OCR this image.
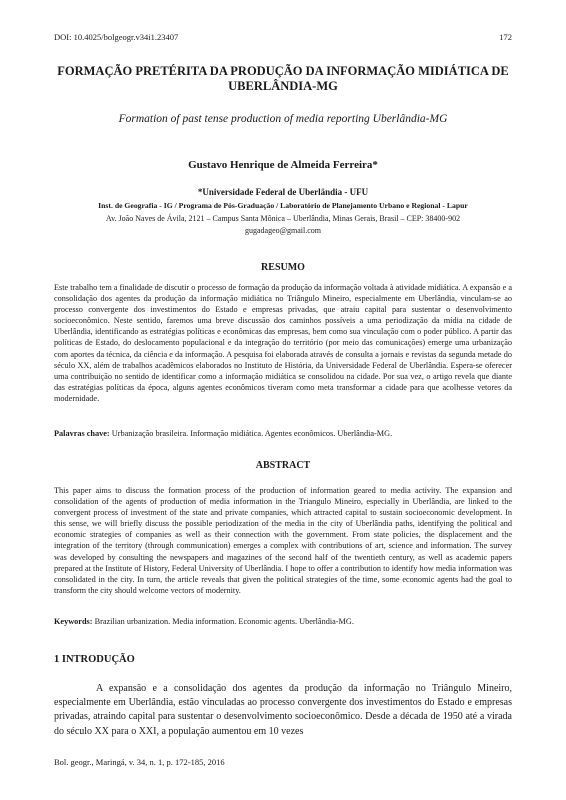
DOI: 10.4025/bolgeogr.v34i1.23407	172
FORMAÇÃO PRETÉRITA DA PRODUÇÃO DA INFORMAÇÃO MIDIÁTICA DE UBERLÂNDIA-MG
Formation of past tense production of media reporting Uberlândia-MG
Gustavo Henrique de Almeida Ferreira*
*Universidade Federal de Uberlândia - UFU
Inst. de Geografia - IG / Programa de Pós-Graduação / Laboratório de Planejamento Urbano e Regional - Lapur
Av. João Naves de Ávila, 2121 – Campus Santa Mônica – Uberlândia, Minas Gerais, Brasil – CEP: 38400-902
gugadageo@gmail.com
RESUMO
Este trabalho tem a finalidade de discutir o processo de formação da produção da informação voltada à atividade midiática. A expansão e a consolidação dos agentes da produção da informação midiática no Triângulo Mineiro, especialmente em Uberlândia, vinculam-se ao processo convergente dos investimentos do Estado e empresas privadas, que atraiu capital para sustentar o desenvolvimento socioeconômico. Neste sentido, faremos uma breve discussão dos caminhos possíveis a uma periodização da mídia na cidade de Uberlândia, identificando as estratégias políticas e econômicas das empresas, bem como sua vinculação com o poder público. A partir das políticas de Estado, do deslocamento populacional e da integração do território (por meio das comunicações) emerge uma urbanização com aportes da técnica, da ciência e da informação. A pesquisa foi elaborada através de consulta a jornais e revistas da segunda metade do século XX, além de trabalhos acadêmicos elaborados no Instituto de História, da Universidade Federal de Uberlândia. Espera-se oferecer uma contribuição no sentido de identificar como a informação midiática se consolidou na cidade. Por sua vez, o artigo revela que diante das estratégias políticas da época, alguns agentes econômicos tiveram como meta transformar a cidade para que acolhesse vetores da modernidade.
Palavras chave: Urbanização brasileira. Informação midiática. Agentes econômicos. Uberlândia-MG.
ABSTRACT
This paper aims to discuss the formation process of the production of information geared to media activity. The expansion and consolidation of the agents of production of media information in the Triangulo Mineiro, especially in Uberlândia, are linked to the convergent process of investment of the state and private companies, which attracted capital to sustain socioeconomic development. In this sense, we will briefly discuss the possible periodization of the media in the city of Uberlândia paths, identifying the political and economic strategies of companies as well as their connection with the government. From state policies, the displacement and the integration of the territory (through communication) emerges a complex with contributions of art, science and information. The survey was developed by consulting the newspapers and magazines of the second half of the twentieth century, as well as academic papers prepared at the Institute of History, Federal University of Uberlândia. I hope to offer a contribution to identify how media information was consolidated in the city. In turn, the article reveals that given the political strategies of the time, some economic agents had the goal to transform the city should welcome vectors of modernity.
Keywords: Brazilian urbanization. Media information. Economic agents. Uberlândia-MG.
1 INTRODUÇÃO
A expansão e a consolidação dos agentes da produção da informação no Triângulo Mineiro, especialmente em Uberlândia, estão vinculadas ao processo convergente dos investimentos do Estado e empresas privadas, atraindo capital para sustentar o desenvolvimento socioeconômico. Desde a década de 1950 até a virada do século XX para o XXI, a população aumentou em 10 vezes
Bol. geogr., Maringá, v. 34, n. 1, p. 172-185, 2016
